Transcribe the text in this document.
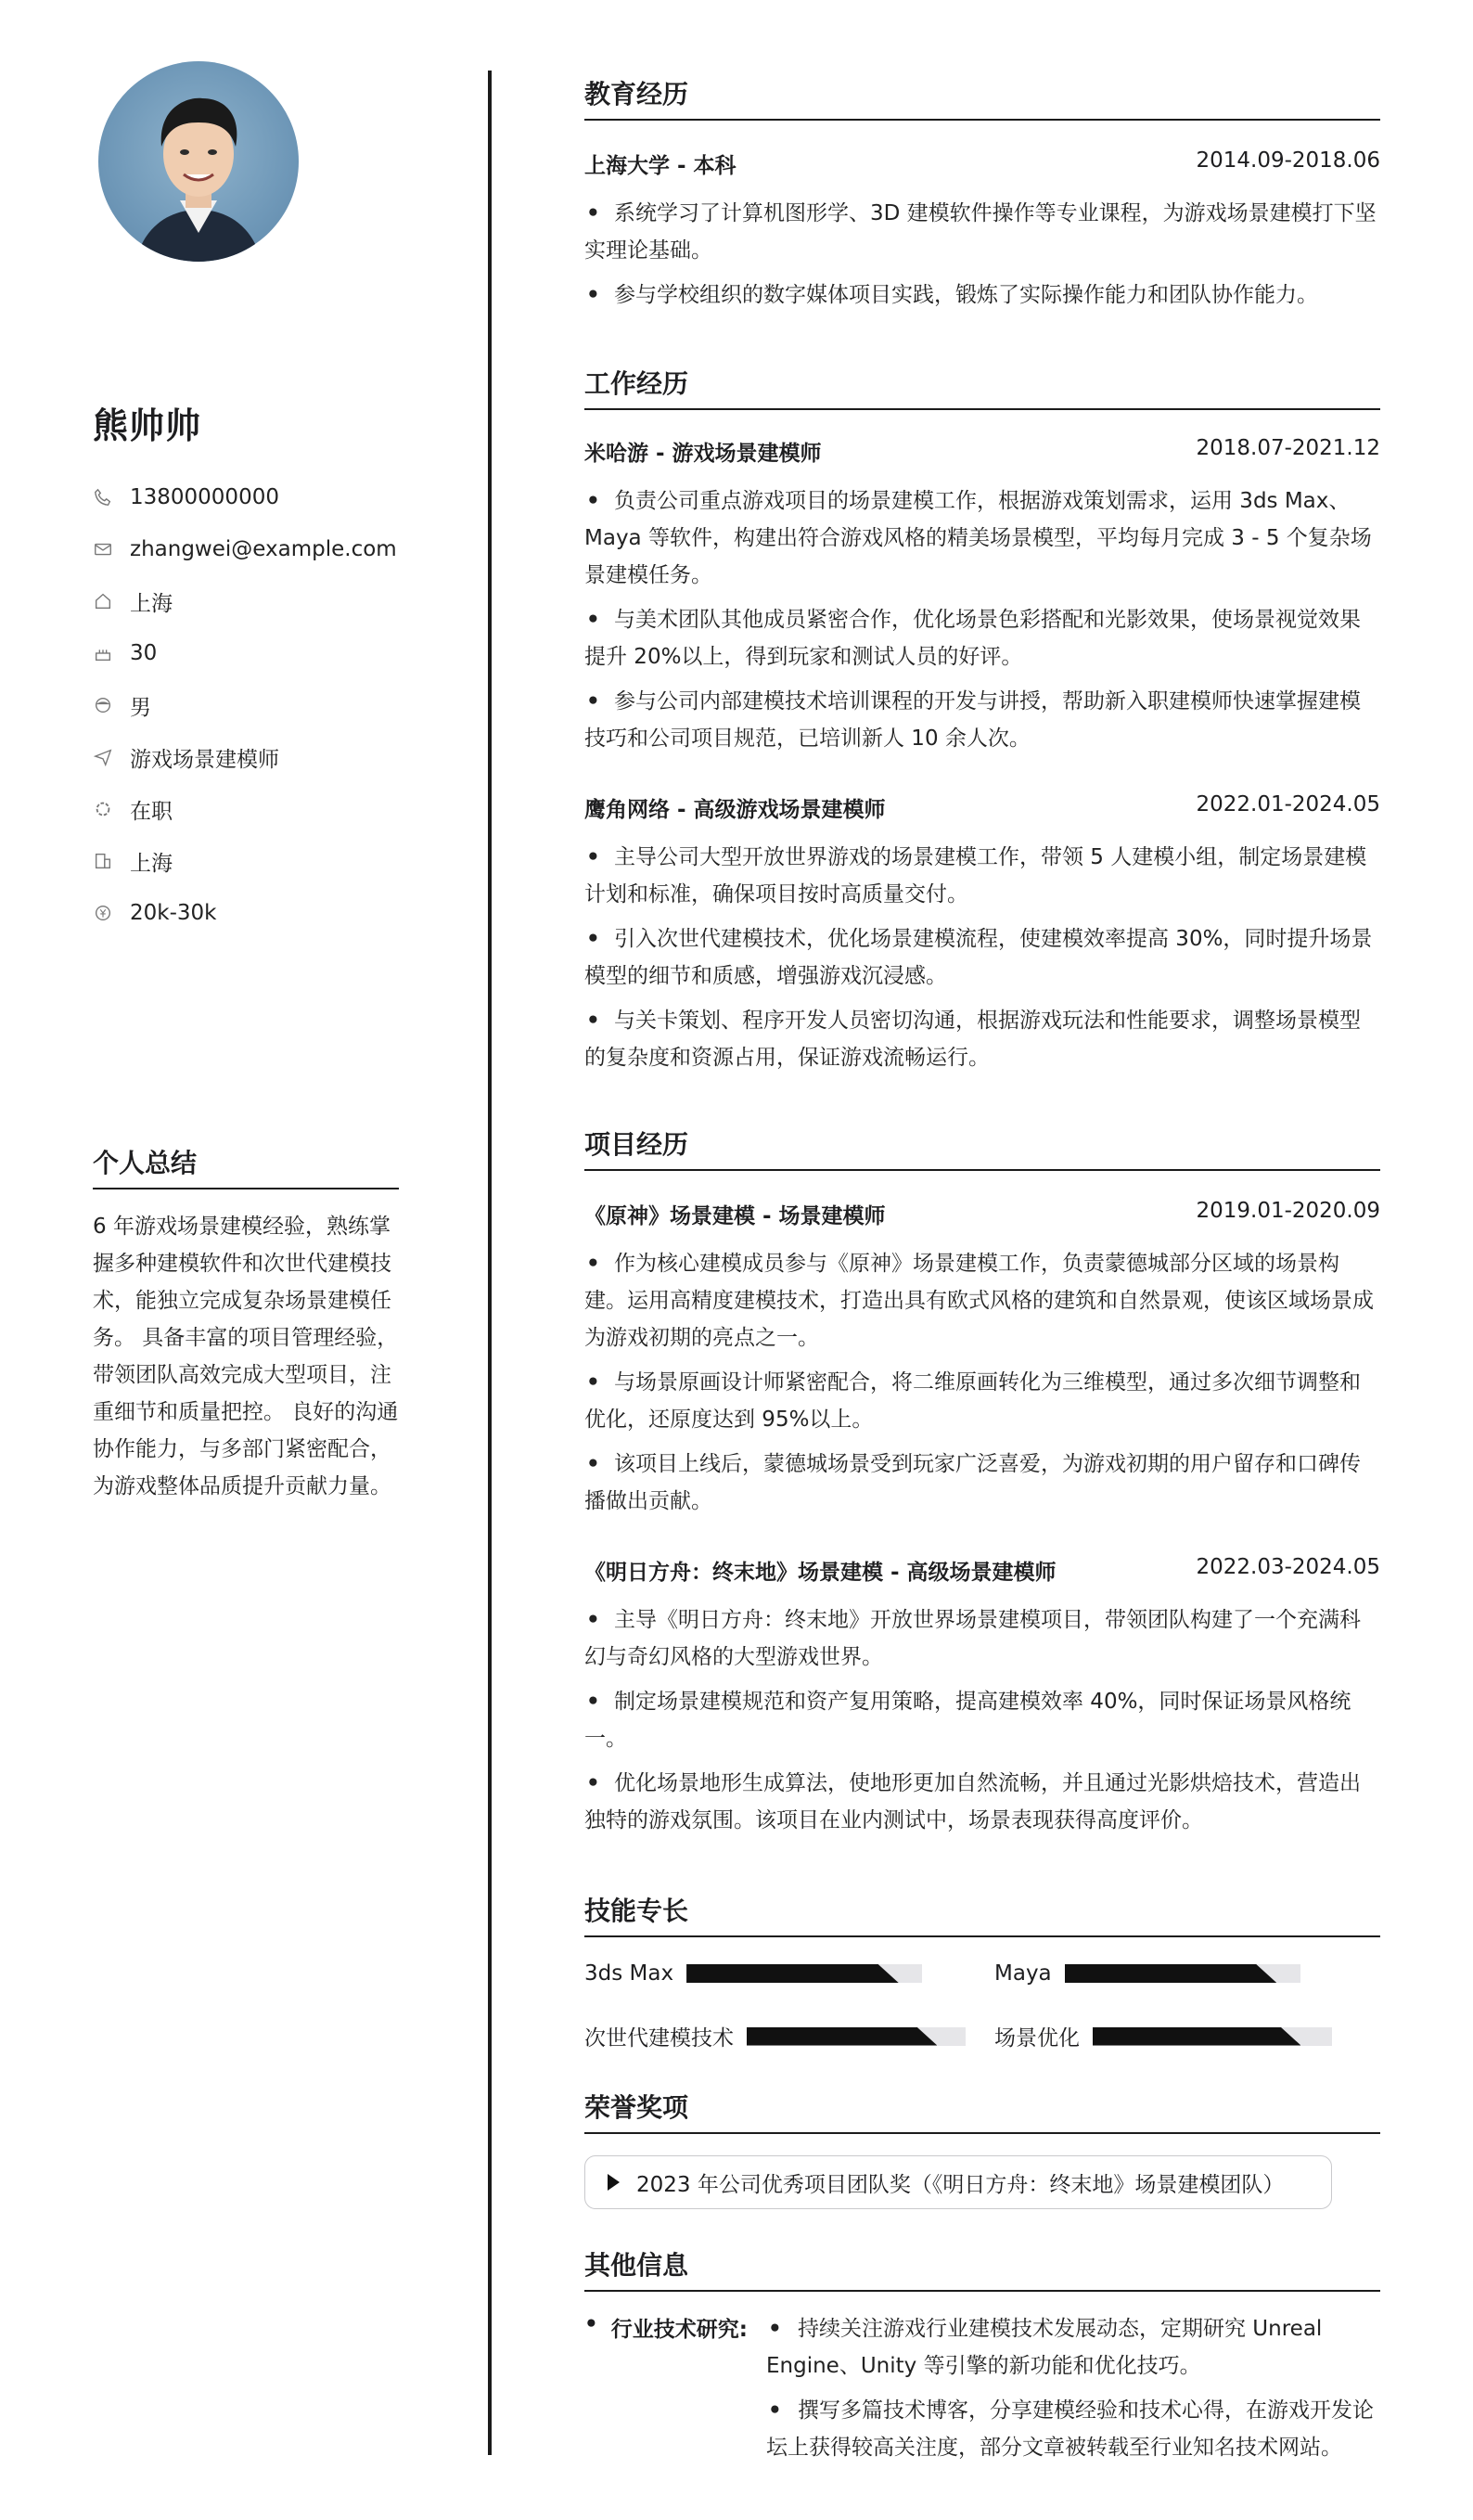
熊帅帅
13800000000
zhangwei@example.com
上海
30
男
游戏场景建模师
在职
上海
20k-30k
个人总结

6 年游戏场景建模经验，熟练掌握多种建模软件和次世代建模技术，能独立完成复杂场景建模任务。 具备丰富的项目管理经验，带领团队高效完成大型项目，注重细节和质量把控。 良好的沟通协作能力，与多部门紧密配合，为游戏整体品质提升贡献力量。

教育经历
上海大学 - 本科	2014.09-2018.06
• 系统学习了计算机图形学、3D 建模软件操作等专业课程，为游戏场景建模打下坚实理论基础。
• 参与学校组织的数字媒体项目实践，锻炼了实际操作能力和团队协作能力。
工作经历
米哈游 - 游戏场景建模师	2018.07-2021.12
• 负责公司重点游戏项目的场景建模工作，根据游戏策划需求，运用 3ds Max、Maya 等软件，构建出符合游戏风格的精美场景模型，平均每月完成 3 - 5 个复杂场景建模任务。
• 与美术团队其他成员紧密合作，优化场景色彩搭配和光影效果，使场景视觉效果提升 20%以上，得到玩家和测试人员的好评。
• 参与公司内部建模技术培训课程的开发与讲授，帮助新入职建模师快速掌握建模技巧和公司项目规范，已培训新人 10 余人次。
鹰角网络 - 高级游戏场景建模师	2022.01-2024.05
• 主导公司大型开放世界游戏的场景建模工作，带领 5 人建模小组，制定场景建模计划和标准，确保项目按时高质量交付。
• 引入次世代建模技术，优化场景建模流程，使建模效率提高 30%，同时提升场景模型的细节和质感，增强游戏沉浸感。
• 与关卡策划、程序开发人员密切沟通，根据游戏玩法和性能要求，调整场景模型的复杂度和资源占用，保证游戏流畅运行。
项目经历
《原神》场景建模 - 场景建模师	2019.01-2020.09
• 作为核心建模成员参与《原神》场景建模工作，负责蒙德城部分区域的场景构建。运用高精度建模技术，打造出具有欧式风格的建筑和自然景观，使该区域场景成为游戏初期的亮点之一。
• 与场景原画设计师紧密配合，将二维原画转化为三维模型，通过多次细节调整和优化，还原度达到 95%以上。
• 该项目上线后，蒙德城场景受到玩家广泛喜爱，为游戏初期的用户留存和口碑传播做出贡献。
《明日方舟：终末地》场景建模 - 高级场景建模师	2022.03-2024.05
• 主导《明日方舟：终末地》开放世界场景建模项目，带领团队构建了一个充满科幻与奇幻风格的大型游戏世界。
• 制定场景建模规范和资产复用策略，提高建模效率 40%，同时保证场景风格统一。
• 优化场景地形生成算法，使地形更加自然流畅，并且通过光影烘焙技术，营造出独特的游戏氛围。该项目在业内测试中，场景表现获得高度评价。
技能专长
3ds Max	Maya
次世代建模技术	场景优化
荣誉奖项
2023 年公司优秀项目团队奖（《明日方舟：终末地》场景建模团队）
其他信息
• 行业技术研究:
•	持续关注游戏行业建模技术发展动态，定期研究 Unreal Engine、Unity 等引擎的新功能和优化技巧。
• 撰写多篇技术博客，分享建模经验和技术心得，在游戏开发论坛上获得较高关注度，部分文章被转载至行业知名技术网站。
